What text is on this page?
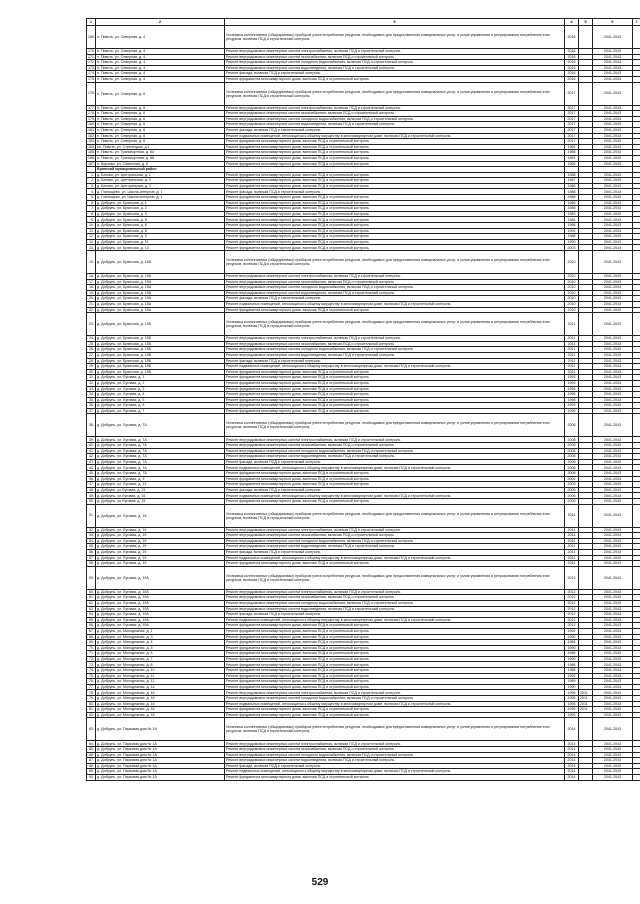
1	2	3	4	5	6	7
169.	п. Пивоть, ул. Северная, д. 4	Установка коллективных (общедомовых) приборов учета потребления ресурсов, необходимых для предоставления коммунальных услуг, и узлов управления и регулирования потребления этих ресурсов, включая ПСД и строительный контроль	2016		2041-2043	
170.	п. Пивоть, ул. Северная, д. 4	Ремонт внутридомовых инженерных систем электроснабжения, включая ПСД и строительный контроль	2016		2041-2043	
171.	п. Пивоть, ул. Северная, д. 4	Ремонт внутридомовых инженерных систем газоснабжения, включая ПСД и строительный контроль	2016		2041-2043	
172.	п. Пивоть, ул. Северная, д. 4	Ремонт внутридомовых инженерных систем холодного водоснабжения, включая ПСД и строительный контроль	2016		2041-2043	
173.	п. Пивоть, ул. Северная, д. 4	Ремонт внутридомовых инженерных систем водоотведения, включая ПСД и строительный контроль	2016		2041-2043	
174.	п. Пивоть, ул. Северная, д. 4	Ремонт фасада, включая ПСД и строительный контроль	2016		2041-2043	
175.	п. Пивоть, ул. Северная, д. 4	Ремонт фундамента многоквартирного дома, включая ПСД и строительный контроль	2016		2041-2043	
176.	п. Пивоть, ул. Северная, д. 6	Установка коллективных (общедомовых) приборов учета потребления ресурсов, необходимых для предоставления коммунальных услуг, и узлов управления и регулирования потребления этих ресурсов, включая ПСД и строительный контроль	2017		2041-2043	
177.	п. Пивоть, ул. Северная, д. 6	Ремонт внутридомовых инженерных систем электроснабжения, включая ПСД и строительный контроль	2017		2041-2043	
178.	п. Пивоть, ул. Северная, д. 6	Ремонт внутридомовых инженерных систем газоснабжения, включая ПСД и строительный контроль	2017		2041-2043	
179.	п. Пивоть, ул. Северная, д. 6	Ремонт внутридомовых инженерных систем холодного водоснабжения, включая ПСД и строительный контроль	2017		2041-2043	
180.	п. Пивоть, ул. Северная, д. 6	Ремонт внутридомовых инженерных систем водоотведения, включая ПСД и строительный контроль	2017		2041-2043	
181.	п. Пивоть, ул. Северная, д. 6	Ремонт фасада, включая ПСД и строительный контроль	2017		2041-2043	
182.	п. Пивоть, ул. Северная, д. 6	Ремонт подвальных помещений, относящихся к общему имуществу в многоквартирном доме, включая ПСД и строительный контроль	2017		2041-2043	
183.	п. Пивоть, ул. Северная, д. 6	Ремонт фундамента многоквартирного дома, включая ПСД и строительный контроль	2017		2041-2043	
184.	рп. Пивоть, ул. Стрелецкая, д.1	Ремонт фундамента многоквартирного дома, включая ПСД и строительный контроль	1962		2041-2043	
185.	п. Пивоть, ул. Транспортная, д. 64	Ремонт фундамента многоквартирного дома, включая ПСД и строительный контроль	1988		2041-2043	
186.	п. Пивоть, ул. Транспортная, д. 66	Ремонт фундамента многоквартирного дома, включая ПСД и строительный контроль	1981		2041-2043	
187.	п. Борзово, ул. Советская, д. 6	Ремонт фундамента многоквартирного дома, включая ПСД и строительный контроль	1965		2041-2043	
	Брянский муниципальный район					
1.	д. Батово, ул. Центральная, д. 1	Ремонт фундамента многоквартирного дома, включая ПСД и строительный контроль	1988		2041-2043	
2.	д. Батово, ул. Центральная, д. 2	Ремонт фундамента многоквартирного дома, включая ПСД и строительный контроль	1987		2041-2043	
3.	д. Батово, ул. Центральная, д. 3	Ремонт фундамента многоквартирного дома, включая ПСД и строительный контроль	1986		2041-2043	
4.	д. Глинищево, ул. Школа-интернат, д. 1	Ремонт фасада, включая ПСД и строительный контроль	1988		2041-2043	
5.	д. Глинищево, ул. Школа-интернат, д. 1	Ремонт фундамента многоквартирного дома, включая ПСД и строительный контроль	1988		2041-2043	
6.	д. Добрунь, ул. Брянская, д. 1	Ремонт фундамента многоквартирного дома, включая ПСД и строительный контроль	1985		2041-2043	
7.	д. Добрунь, ул. Брянская, д. 2	Ремонт фундамента многоквартирного дома, включая ПСД и строительный контроль	1988		2041-2043	
8.	д. Добрунь, ул. Брянская, д. 3	Ремонт фундамента многоквартирного дома, включая ПСД и строительный контроль	1983		2041-2043	
9.	д. Добрунь, ул. Брянская, д. 5	Ремонт фундамента многоквартирного дома, включая ПСД и строительный контроль	1984		2041-2043	
10.	д. Добрунь, ул. Брянская, д. 6	Ремонт фундамента многоквартирного дома, включая ПСД и строительный контроль	1986		2041-2043	
11.	д. Добрунь, ул. Брянская, д. 8	Ремонт фундамента многоквартирного дома, включая ПСД и строительный контроль	1992		2041-2043	
12.	д. Добрунь, ул. Брянская, д. 9	Ремонт фундамента многоквартирного дома, включая ПСД и строительный контроль	1988		2041-2043	
13.	д. Добрунь, ул. Брянская, д. 11	Ремонт фундамента многоквартирного дома, включая ПСД и строительный контроль	1990		2041-2043	
14.	д. Добрунь, ул. Брянская, д. 13	Ремонт фундамента многоквартирного дома, включая ПСД и строительный контроль	2003		2041-2043	
15.	д. Добрунь, ул. Брянская, д. 15А	Установка коллективных (общедомовых) приборов учета потребления ресурсов, необходимых для предоставления коммунальных услуг, и узлов управления и регулирования потребления этих ресурсов, включая ПСД и строительный контроль	2010		2041-2043	
16.	д. Добрунь, ул. Брянская, д. 15А	Ремонт внутридомовых инженерных систем электроснабжения, включая ПСД и строительный контроль	2010		2041-2043	
17.	д. Добрунь, ул. Брянская, д. 15А	Ремонт внутридомовых инженерных систем газоснабжения, включая ПСД и строительный контроль	2010		2041-2043	
18.	д. Добрунь, ул. Брянская, д. 15А	Ремонт внутридомовых инженерных систем холодного водоснабжения, включая ПСД и строительный контроль	2010		2041-2043	
19.	д. Добрунь, ул. Брянская, д. 15А	Ремонт внутридомовых инженерных систем водоотведения, включая ПСД и строительный контроль	2010		2041-2043	
20.	д. Добрунь, ул. Брянская, д. 15А	Ремонт фасада, включая ПСД и строительный контроль	2010		2041-2043	
21.	д. Добрунь, ул. Брянская, д. 15А	Ремонт подвальных помещений, относящихся к общему имуществу в многоквартирном доме, включая ПСД и строительный контроль	2010		2041-2043	
22.	д. Добрунь, ул. Брянская, д. 15А	Ремонт фундамента многоквартирного дома, включая ПСД и строительный контроль	2010		2041-2043	
23.	д. Добрунь, ул. Брянская, д. 15Б	Установка коллективных (общедомовых) приборов учета потребления ресурсов, необходимых для предоставления коммунальных услуг, и узлов управления и регулирования потребления этих ресурсов, включая ПСД и строительный контроль	2011		2041-2043	
24.	д. Добрунь, ул. Брянская, д. 15Б	Ремонт внутридомовых инженерных систем электроснабжения, включая ПСД и строительный контроль	2011		2041-2043	
25.	д. Добрунь, ул. Брянская, д. 15Б	Ремонт внутридомовых инженерных систем газоснабжения, включая ПСД и строительный контроль	2011		2041-2043	
26.	д. Добрунь, ул. Брянская, д. 15Б	Ремонт внутридомовых инженерных систем холодного водоснабжения, включая ПСД и строительный контроль	2011		2041-2043	
27.	д. Добрунь, ул. Брянская, д. 15Б	Ремонт внутридомовых инженерных систем водоотведения, включая ПСД и строительный контроль	2011		2041-2043	
28.	д. Добрунь, ул. Брянская, д. 15Б	Ремонт фасада, включая ПСД и строительный контроль	2011		2041-2043	
29.	д. Добрунь, ул. Брянская, д. 15Б	Ремонт подвальных помещений, относящихся к общему имуществу в многоквартирном доме, включая ПСД и строительный контроль	2011		2041-2043	
30.	д. Добрунь, ул. Брянская, д. 15Б	Ремонт фундамента многоквартирного дома, включая ПСД и строительный контроль	2011		2041-2043	
31.	д. Добрунь, ул. Луговая, д. 1	Ремонт фундамента многоквартирного дома, включая ПСД и строительный контроль	1993		2041-2043	
32.	д. Добрунь, ул. Луговая, д. 2	Ремонт фундамента многоквартирного дома, включая ПСД и строительный контроль	1993		2041-2043	
33.	д. Добрунь, ул. Луговая, д. 3	Ремонт фундамента многоквартирного дома, включая ПСД и строительный контроль	1994		2041-2043	
34.	д. Добрунь, ул. Луговая, д. 4	Ремонт фундамента многоквартирного дома, включая ПСД и строительный контроль	1996		2041-2043	
35.	д. Добрунь, ул. Луговая, д. 5	Ремонт фундамента многоквартирного дома, включая ПСД и строительный контроль	1998		2041-2043	
36.	д. Добрунь, ул. Луговая, д. 6	Ремонт фундамента многоквартирного дома, включая ПСД и строительный контроль	1993		2041-2043	
37.	д. Добрунь, ул. Луговая, д. 7	Ремонт фундамента многоквартирного дома, включая ПСД и строительный контроль	1999		2041-2043	
38.	д. Добрунь, ул. Луговая, д. 7А	Установка коллективных (общедомовых) приборов учета потребления ресурсов, необходимых для предоставления коммунальных услуг, и узлов управления и регулирования потребления этих ресурсов, включая ПСД и строительный контроль	2008		2041-2043	
39.	д. Добрунь, ул. Луговая, д. 7А	Ремонт внутридомовых инженерных систем электроснабжения, включая ПСД и строительный контроль	2008		2041-2043	
40.	д. Добрунь, ул. Луговая, д. 7А	Ремонт внутридомовых инженерных систем газоснабжения, включая ПСД и строительный контроль	2008		2041-2043	
41.	д. Добрунь, ул. Луговая, д. 7А	Ремонт внутридомовых инженерных систем холодного водоснабжения, включая ПСД и строительный контроль	2008		2041-2043	
42.	д. Добрунь, ул. Луговая, д. 7А	Ремонт внутридомовых инженерных систем водоотведения, включая ПСД и строительный контроль	2008		2041-2043	
43.	д. Добрунь, ул. Луговая, д. 7А	Ремонт фасада, включая ПСД и строительный контроль	2008		2041-2043	
44.	д. Добрунь, ул. Луговая, д. 7А	Ремонт подвальных помещений, относящихся к общему имуществу в многоквартирном доме, включая ПСД и строительный контроль	2008		2041-2043	
45.	д. Добрунь, ул. Луговая, д. 7А	Ремонт фундамента многоквартирного дома, включая ПСД и строительный контроль	2008		2041-2043	
46.	д. Добрунь, ул. Луговая, д. 9	Ремонт фундамента многоквартирного дома, включая ПСД и строительный контроль	2002		2041-2043	
47.	д. Добрунь, ул. Луговая, д. 13	Ремонт фундамента многоквартирного дома, включая ПСД и строительный контроль	2003		2041-2043	
48.	д. Добрунь, ул.Луговая, д. 15	Ремонт фасада, включая ПСД и строительный контроль	2005		2041-2043	
49.	д. Добрунь, ул.Луговая, д. 15	Ремонт подвальных помещений, относящихся к общему имуществу в многоквартирном доме, включая ПСД и строительный контроль	2005		2041-2043	
50.	д. Добрунь, ул.Луговая, д. 15	Ремонт фундамента многоквартирного дома, включая ПСД и строительный контроль	2005		2041-2043	
51.	д. Добрунь, ул. Луговая, д. 19	Установка коллективных (общедомовых) приборов учета потребления ресурсов, необходимых для предоставления коммунальных услуг, и узлов управления и регулирования потребления этих ресурсов, включая ПСД и строительный контроль	2011		2041-2043	
52.	д. Добрунь, ул. Луговая, д. 19	Ремонт внутридомовых инженерных систем электроснабжения, включая ПСД и строительный контроль	2011		2041-2043	
53.	д. Добрунь, ул. Луговая, д. 19	Ремонт внутридомовых инженерных систем газоснабжения, включая ПСД и строительный контроль	2011		2041-2043	
54.	д. Добрунь, ул. Луговая, д. 19	Ремонт внутридомовых инженерных систем холодного водоснабжения, включая ПСД и строительный контроль	2011		2041-2043	
55.	д. Добрунь, ул. Луговая, д. 19	Ремонт внутридомовых инженерных систем водоотведения, включая ПСД и строительный контроль	2011		2041-2043	
56.	д. Добрунь, ул. Луговая, д. 19	Ремонт фасада, включая ПСД и строительный контроль	2011		2041-2043	
57.	д. Добрунь, ул. Луговая, д. 19	Ремонт подвальных помещений, относящихся к общему имуществу в многоквартирном доме, включая ПСД и строительный контроль	2011		2041-2043	
58.	д. Добрунь, ул. Луговая, д. 19	Ремонт фундамента многоквартирного дома, включая ПСД и строительный контроль	2011		2041-2043	
59.	д. Добрунь, ул. Луговая, д. 19А	Установка коллективных (общедомовых) приборов учета потребления ресурсов, необходимых для предоставления коммунальных услуг, и узлов управления и регулирования потребления этих ресурсов, включая ПСД и строительный контроль	2012		2041-2043	
60.	д. Добрунь, ул. Луговая, д. 19А	Ремонт внутридомовых инженерных систем электроснабжения, включая ПСД и строительный контроль	2012		2041-2043	
61.	д. Добрунь, ул. Луговая, д. 19А	Ремонт внутридомовых инженерных систем газоснабжения, включая ПСД и строительный контроль	2012		2041-2043	
62.	д. Добрунь, ул. Луговая, д. 19А	Ремонт внутридомовых инженерных систем холодного водоснабжения, включая ПСД и строительный контроль	2012		2041-2043	
63.	д. Добрунь, ул. Луговая, д. 19А	Ремонт внутридомовых инженерных систем водоотведения, включая ПСД и строительный контроль	2012		2041-2043	
64.	д. Добрунь, ул. Луговая, д. 19А	Ремонт фасада, включая ПСД и строительный контроль	2012		2041-2043	
65.	д. Добрунь, ул. Луговая, д. 19А	Ремонт подвальных помещений, относящихся к общему имуществу в многоквартирном доме, включая ПСД и строительный контроль	2012		2041-2043	
66.	д. Добрунь, ул. Луговая, д. 19А	Ремонт фундамента многоквартирного дома, включая ПСД и строительный контроль	2012		2041-2043	
67.	д. Добрунь, ул. Молодежная, д. 1	Ремонт фундамента многоквартирного дома, включая ПСД и строительный контроль	1992		2041-2043	
68.	д. Добрунь, ул. Молодежная, д. 3	Ремонт фундамента многоквартирного дома, включая ПСД и строительный контроль	1990		2041-2043	
69.	д. Добрунь, ул. Молодежная, д. 4	Ремонт фундамента многоквартирного дома, включая ПСД и строительный контроль	1984		2041-2043	
70.	д. Добрунь, ул. Молодежная, д. 5	Ремонт фундамента многоквартирного дома, включая ПСД и строительный контроль	1990		2041-2043	
71.	д. Добрунь, ул. Молодежная, д. 6	Ремонт фундамента многоквартирного дома, включая ПСД и строительный контроль	1986		2041-2043	
72.	д. Добрунь, ул. Молодежная, д. 7	Ремонт фундамента многоквартирного дома, включая ПСД и строительный контроль	1990		2041-2043	
73.	д. Добрунь, ул. Молодежная, д. 8	Ремонт фундамента многоквартирного дома, включая ПСД и строительный контроль	1988		2041-2043	
74.	д. Добрунь, ул. Молодежная, д. 10	Ремонт фундамента многоквартирного дома, включая ПСД и строительный контроль	1988		2041-2043	
75.	д. Добрунь, ул. Молодежная, д. 11	Ремонт фундамента многоквартирного дома, включая ПСД и строительный контроль	1992		2041-2043	
76.	д. Добрунь, ул. Молодежная, д. 12	Ремонт фундамента многоквартирного дома, включая ПСД и строительный контроль	1989		2041-2043	
77.	д. Добрунь, ул. Молодежная, д. 14	Ремонт фундамента многоквартирного дома, включая ПСД и строительный контроль	1990		2041-2043	
78.	д. Добрунь, ул. Молодежная, д. 16	Ремонт внутридомовых инженерных систем электроснабжения, включая ПСД и строительный контроль	1995	2011	2041-2043	
79.	д. Добрунь, ул. Молодежная, д. 16	Ремонт внутридомовых инженерных систем холодного водоснабжения, включая ПСД и строительный контроль	1995	2011	2041-2043	
80.	д. Добрунь, ул. Молодежная, д. 16	Ремонт подвальных помещений, относящихся к общему имуществу в многоквартирном доме, включая ПСД и строительный контроль	1995	2011	2041-2043	
81.	д. Добрунь, ул. Молодежная, д. 16	Ремонт фундамента многоквартирного дома, включая ПСД и строительный контроль	1995	2011	2041-2043	
82.	д. Добрунь, ул. Молодежная, д. 18	Ремонт фундамента многоквартирного дома, включая ПСД и строительный контроль	1993		2041-2043	
83.	д. Добрунь, ул. Парковая,дом № 1А	Установка коллективных (общедомовых) приборов учета потребления ресурсов, необходимых для предоставления коммунальных услуг, и узлов управления и регулирования потребления этих ресурсов, включая ПСД и строительный контроль	2014		2041-2043	
84.	д. Добрунь, ул. Парковая,дом № 1А	Ремонт внутридомовых инженерных систем электроснабжения, включая ПСД и строительный контроль	2014		2041-2043	
85.	д. Добрунь, ул. Парковая,дом № 1А	Ремонт внутридомовых инженерных систем газоснабжения, включая ПСД и строительный контроль	2014		2041-2043	
86.	д. Добрунь, ул. Парковая,дом № 1А	Ремонт внутридомовых инженерных систем холодного водоснабжения, включая ПСД и строительный контроль	2014		2041-2043	
87.	д. Добрунь, ул. Парковая,дом № 1А	Ремонт внутридомовых инженерных систем водоотведения, включая ПСД и строительный контроль	2014		2041-2043	
88.	д. Добрунь, ул. Парковая,дом № 1А	Ремонт фасада, включая ПСД и строительный контроль	2014		2041-2043	
89.	д. Добрунь, ул. Парковая,дом № 1А	Ремонт подвальных помещений, относящихся к общему имуществу в многоквартирном доме, включая ПСД и строительный контроль	2014		2041-2043	
90.	д. Добрунь, ул. Парковая,дом № 1А	Ремонт фундамента многоквартирного дома, включая ПСД и строительный контроль	2014		2041-2043	
529
